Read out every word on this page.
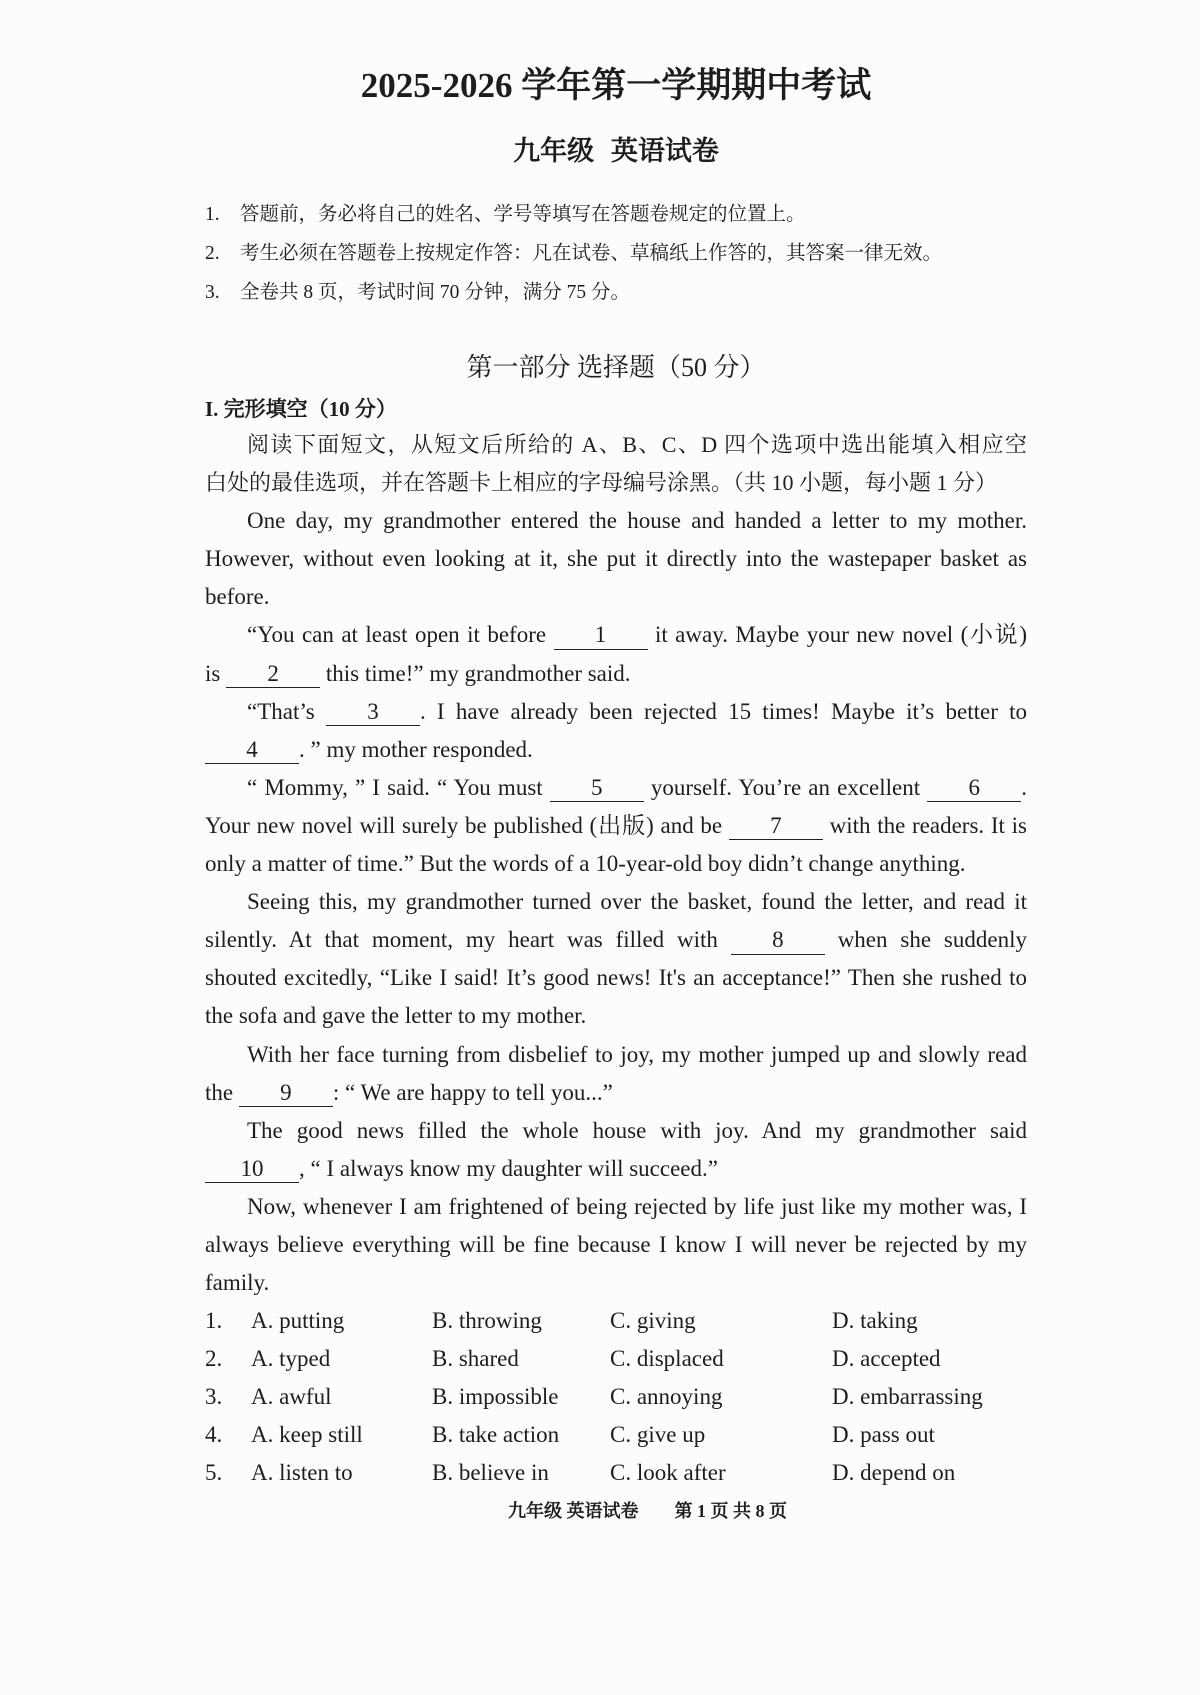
2025-2026 学年第一学期期中考试
九年级 英语试卷
1. 答题前，务必将自己的姓名、学号等填写在答题卷规定的位置上。
2. 考生必须在答题卷上按规定作答：凡在试卷、草稿纸上作答的，其答案一律无效。
3. 全卷共 8 页，考试时间 70 分钟，满分 75 分。
第一部分 选择题（50 分）
I. 完形填空（10 分）
阅读下面短文，从短文后所给的 A、B、C、D 四个选项中选出能填入相应空
白处的最佳选项，并在答题卡上相应的字母编号涂黑。（共 10 小题，每小题 1 分）
One day, my grandmother entered the house and handed a letter to my mother.
However, without even looking at it, she put it directly into the wastepaper basket as
before.
“You can at least open it before 1 it away. Maybe your new novel (小说)
is 2 this time!” my grandmother said.
“That’s 3 . I have already been rejected 15 times! Maybe it’s better to
4 . ” my mother responded.
“ Mommy, ” I said. “ You must 5 yourself. You’re an excellent 6 .
Your new novel will surely be published (出版) and be 7 with the readers. It is
only a matter of time.” But the words of a 10-year-old boy didn’t change anything.
Seeing this, my grandmother turned over the basket, found the letter, and read it
silently. At that moment, my heart was filled with 8 when she suddenly
shouted excitedly, “Like I said! It’s good news! It's an acceptance!” Then she rushed to
the sofa and gave the letter to my mother.
With her face turning from disbelief to joy, my mother jumped up and slowly read
the 9 : “ We are happy to tell you...”
The good news filled the whole house with joy. And my grandmother said
10 , “ I always know my daughter will succeed.”
Now, whenever I am frightened of being rejected by life just like my mother was, I
always believe everything will be fine because I know I will never be rejected by my
family.
1.	A. putting	B. throwing	C. giving	D. taking
2.	A. typed	B. shared	C. displaced	D. accepted
3.	A. awful	B. impossible	C. annoying	D. embarrassing
4.	A. keep still	B. take action	C. give up	D. pass out
5.	A. listen to	B. believe in	C. look after	D. depend on
九年级 英语试卷 第 1 页 共 8 页
